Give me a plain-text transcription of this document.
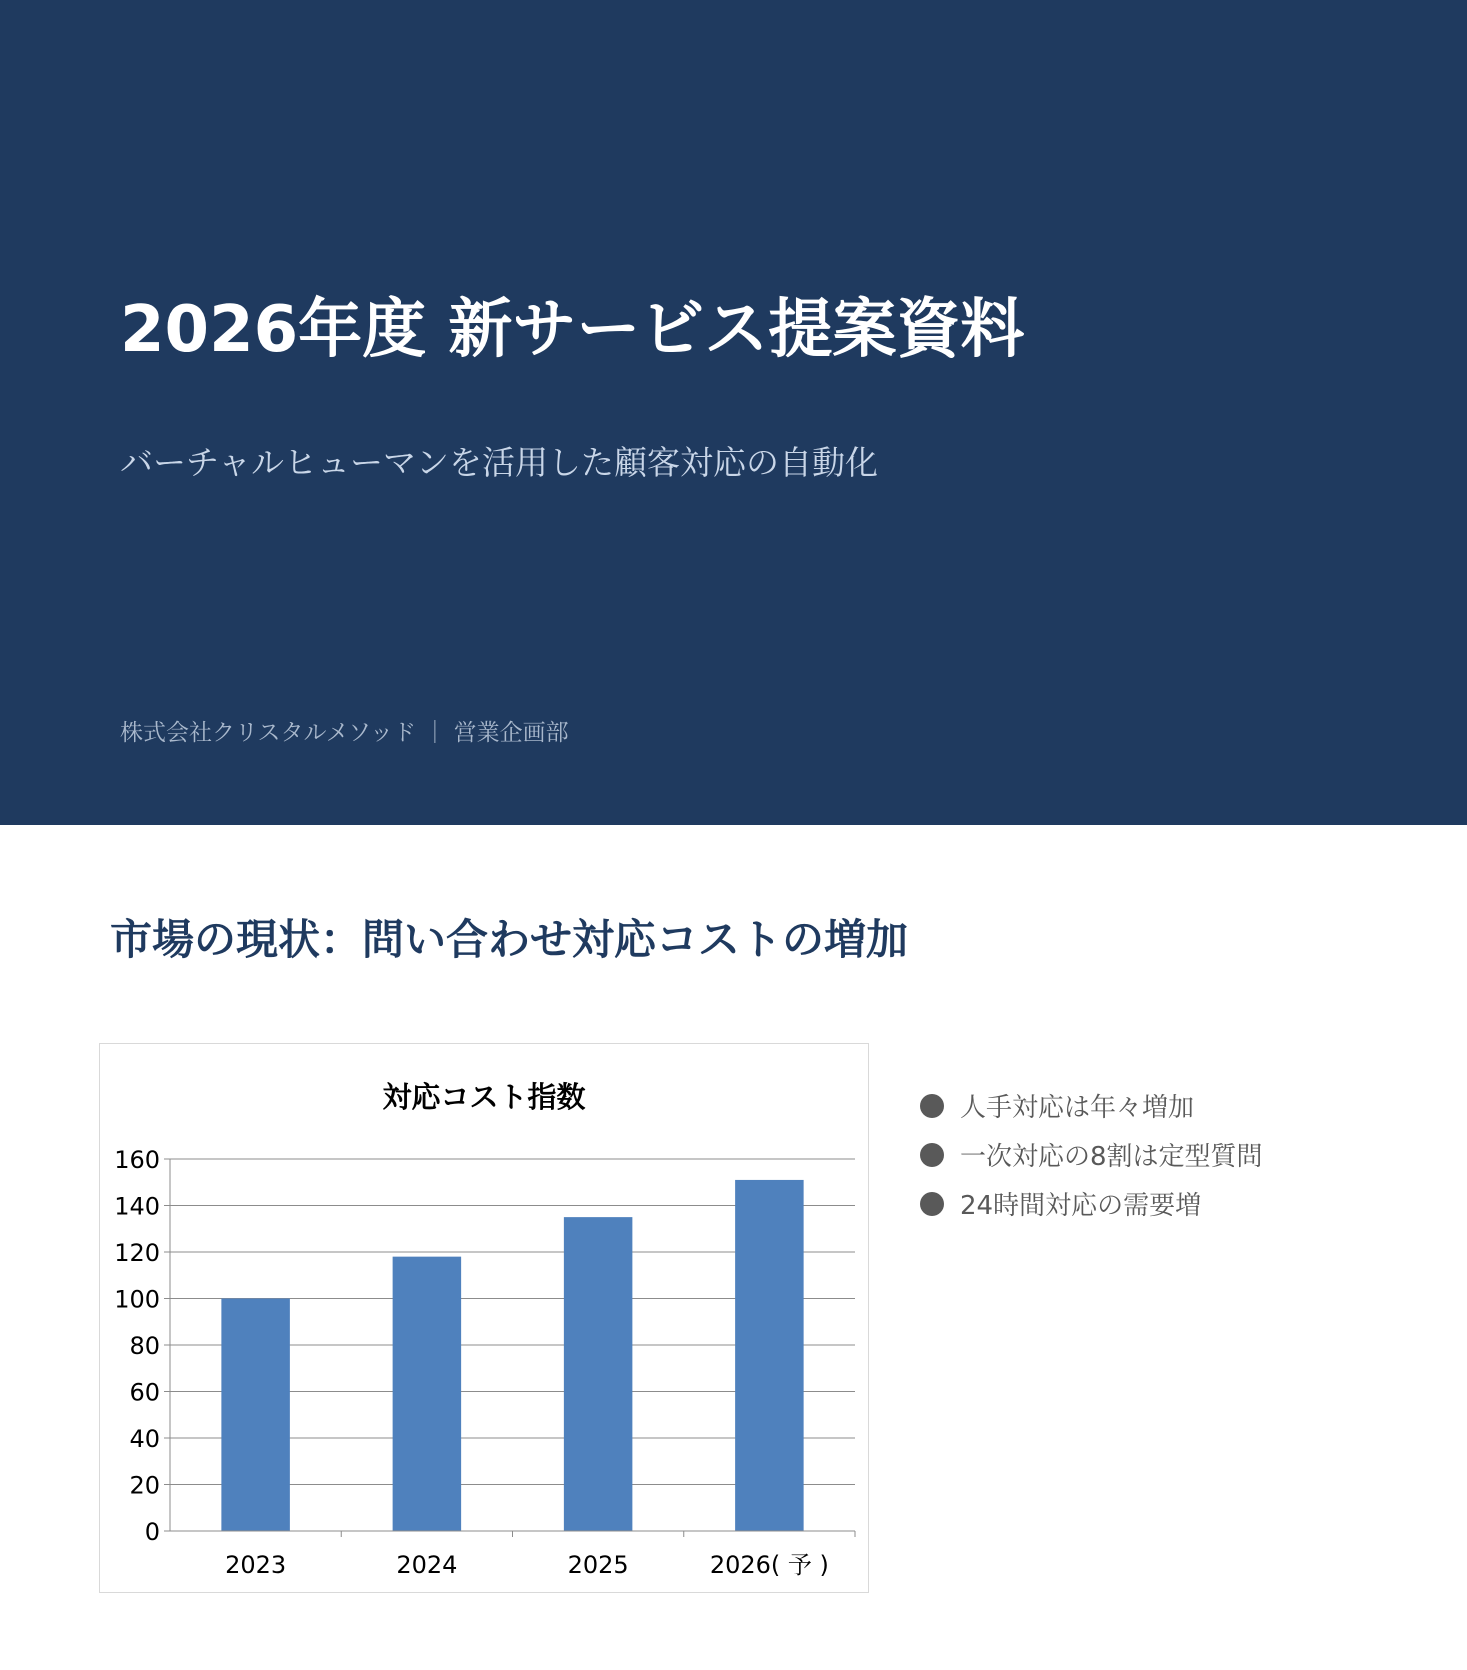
2026年度 新サービス提案資料
バーチャルヒューマンを活用した顧客対応の自動化
株式会社クリスタルメソッド ｜ 営業企画部
市場の現状：問い合わせ対応コストの増加
対応コスト指数
0
20
40
60
80
100
120
140
160
2023	2024	2025	2026( 予 )
人手対応は年々増加
一次対応の8割は定型質問
24時間対応の需要増
